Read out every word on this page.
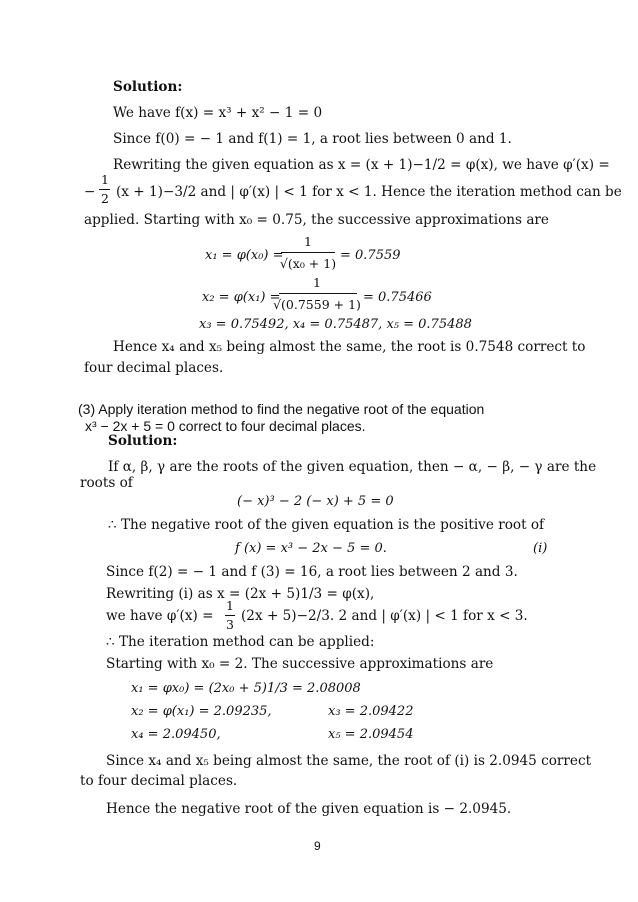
Solution:
We have f(x) = x³ + x² − 1 = 0
Since f(0) = − 1 and f(1) = 1, a root lies between 0 and 1.
Rewriting the given equation as x = (x + 1)−1/2 = φ(x), we have φ′(x) =
−
1
2 (x + 1)−3/2 and | φ′(x) | < 1 for x < 1. Hence the iteration method can be
applied. Starting with x₀ = 0.75, the successive approximations are
x₁ = φ(x₀) =
1
√(x₀ + 1)
= 0.7559
x₂ = φ(x₁) =
1
√(0.7559 + 1) = 0.75466
x₃ = 0.75492, x₄ = 0.75487, x₅ = 0.75488
Hence x₄ and x₅ being almost the same, the root is 0.7548 correct to
four decimal places.
(3) Apply iteration method to find the negative root of the equation
x³ − 2x + 5 = 0 correct to four decimal places.
Solution:
If α, β, γ are the roots of the given equation, then − α, − β, − γ are the
roots of
(− x)³ − 2 (− x) + 5 = 0
∴ The negative root of the given equation is the positive root of
f (x) = x³ − 2x − 5 = 0.	(i)
Since f(2) = − 1 and f (3) = 16, a root lies between 2 and 3.
Rewriting (i) as x = (2x + 5)1/3 = φ(x),
we have φ′(x) =
1
3
(2x + 5)−2/3. 2 and | φ′(x) | < 1 for x < 3.
∴ The iteration method can be applied:
Starting with x₀ = 2. The successive approximations are
x₁ = φx₀) = (2x₀ + 5)1/3 = 2.08008
x₂ = φ(x₁) = 2.09235,	x₃ = 2.09422
x₄ = 2.09450,	x₅ = 2.09454
Since x₄ and x₅ being almost the same, the root of (i) is 2.0945 correct
to four decimal places.
Hence the negative root of the given equation is − 2.0945.
9
